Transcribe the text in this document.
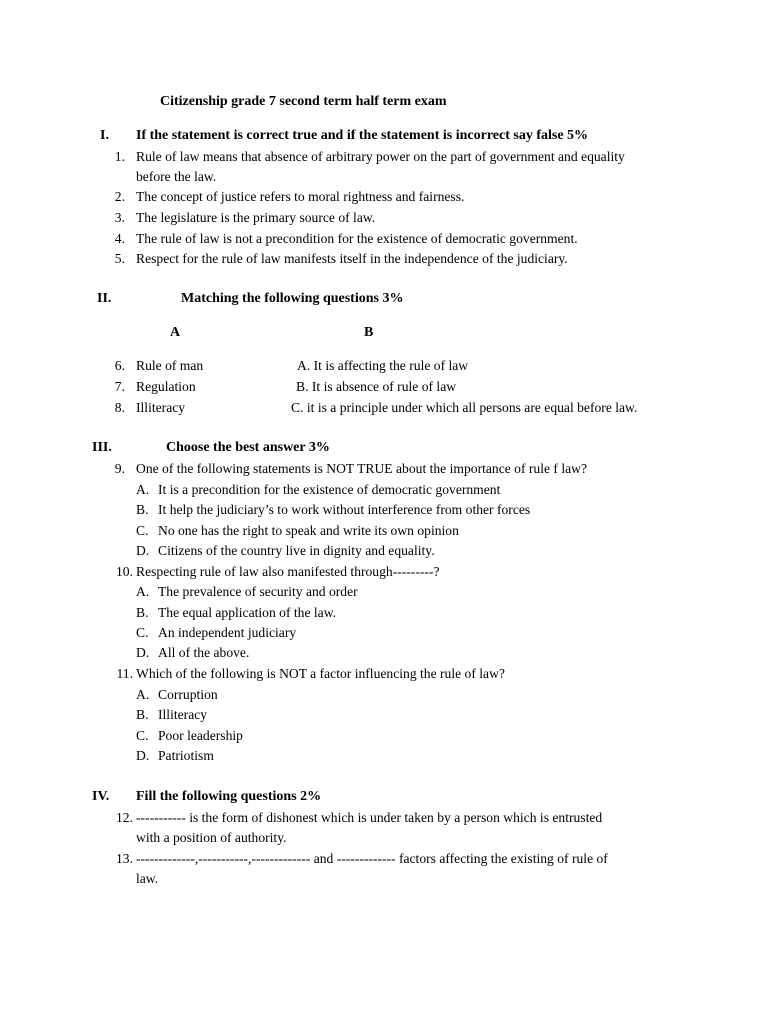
Citizenship grade 7 second term half term exam
I. If the statement is correct true and if the statement is incorrect say false 5%
1. Rule of law means that absence of arbitrary power on the part of government and equality
before the law.
2. The concept of justice refers to moral rightness and fairness.
3. The legislature is the primary source of law.
4. The rule of law is not a precondition for the existence of democratic government.
5. Respect for the rule of law manifests itself in the independence of the judiciary.
II.	Matching the following questions 3%
A	B
6. Rule of man	A. It is affecting the rule of law
7. Regulation	B. It is absence of rule of law
8. Illiteracy	C. it is a principle under which all persons are equal before law.
III.	Choose the best answer 3%
9. One of the following statements is NOT TRUE about the importance of rule f law?
A. It is a precondition for the existence of democratic government
B. It help the judiciary’s to work without interference from other forces
C. No one has the right to speak and write its own opinion
D. Citizens of the country live in dignity and equality.
10. Respecting rule of law also manifested through---------?
A. The prevalence of security and order
B. The equal application of the law.
C. An independent judiciary
D. All of the above.
11. Which of the following is NOT a factor influencing the rule of law?
A. Corruption
B. Illiteracy
C. Poor leadership
D. Patriotism
IV. Fill the following questions 2%
12. ----------- is the form of dishonest which is under taken by a person which is entrusted
with a position of authority.
13. -------------,-----------,------------- and ------------- factors affecting the existing of rule of
law.
